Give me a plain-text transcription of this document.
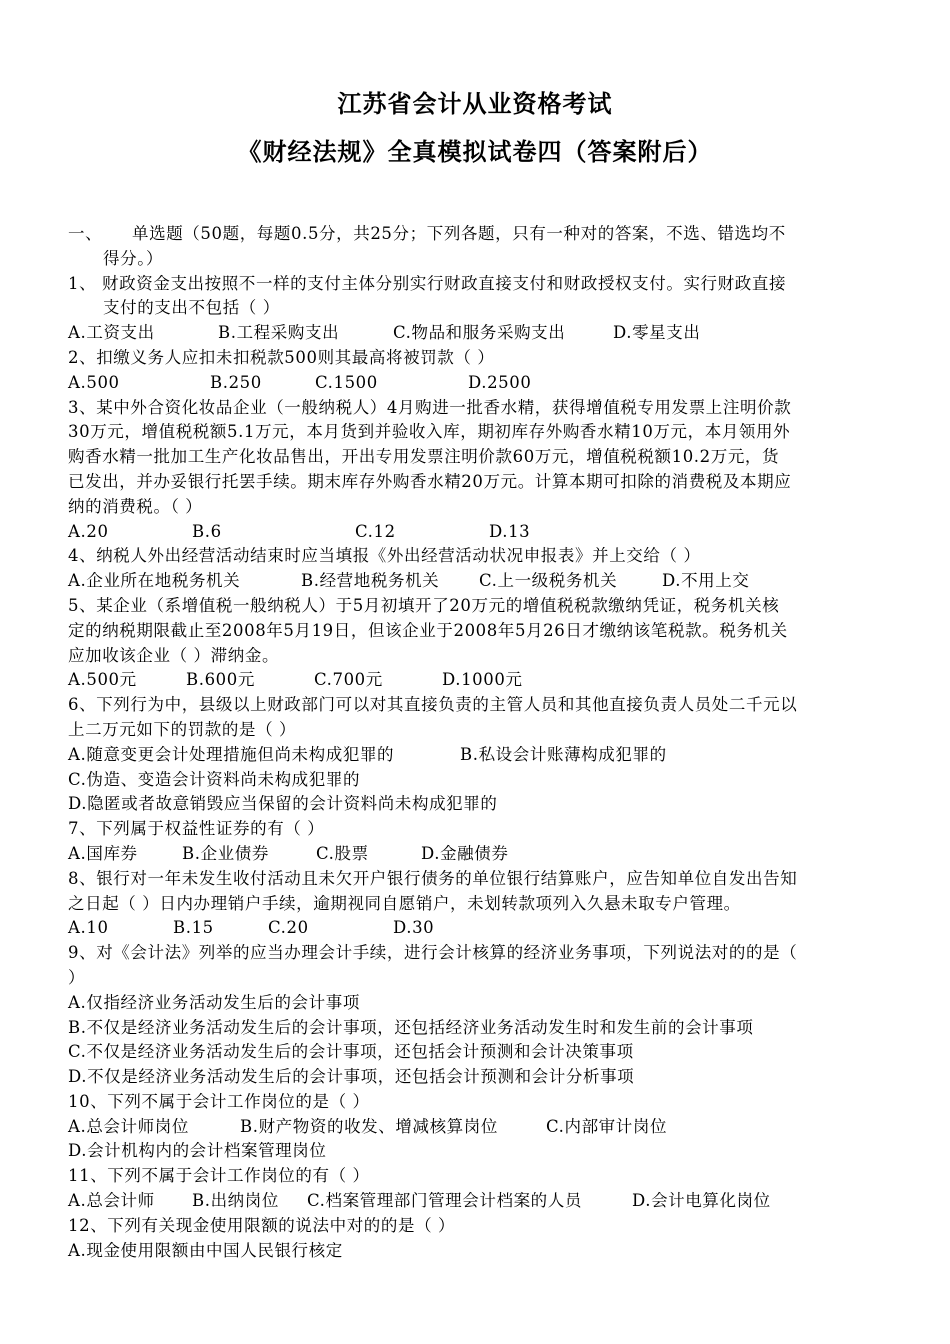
江苏省会计从业资格考试
《财经法规》全真模拟试卷四（答案附后）
一、 单选题（50题，每题0.5分，共25分；下列各题，只有一种对的答案，不选、错选均不
得分。）
1、 财政资金支出按照不一样的支付主体分别实行财政直接支付和财政授权支付。实行财政直接
支付的支出不包括（ ）
A.工资支出	B.工程采购支出	C.物品和服务采购支出	D.零星支出
2、扣缴义务人应扣未扣税款500则其最高将被罚款（ ）
A.500	B.250	C.1500	D.2500
3、某中外合资化妆品企业（一般纳税人）4月购进一批香水精，获得增值税专用发票上注明价款
30万元，增值税税额5.1万元，本月货到并验收入库，期初库存外购香水精10万元，本月领用外
购香水精一批加工生产化妆品售出，开出专用发票注明价款60万元，增值税税额10.2万元，货
已发出，并办妥银行托罢手续。期末库存外购香水精20万元。计算本期可扣除的消费税及本期应
纳的消费税。（ ）
A.20	B.6	C.12	D.13
4、纳税人外出经营活动结束时应当填报《外出经营活动状况申报表》并上交给（ ）
A.企业所在地税务机关	B.经营地税务机关 C.上一级税务机关	D.不用上交
5、某企业（系增值税一般纳税人）于5月初填开了20万元的增值税税款缴纳凭证，税务机关核
定的纳税期限截止至2008年5月19日，但该企业于2008年5月26日才缴纳该笔税款。税务机关
应加收该企业（ ）滞纳金。
A.500元	B.600元	C.700元	D.1000元
6、下列行为中，县级以上财政部门可以对其直接负责的主管人员和其他直接负责人员处二千元以
上二万元如下的罚款的是（ ）
A.随意变更会计处理措施但尚未构成犯罪的	B.私设会计账薄构成犯罪的
C.伪造、变造会计资料尚未构成犯罪的
D.隐匿或者故意销毁应当保留的会计资料尚未构成犯罪的
7、下列属于权益性证券的有（ ）
A.国库券	B.企业债券	C.股票	D.金融债券
8、银行对一年未发生收付活动且未欠开户银行债务的单位银行结算账户，应告知单位自发出告知
之日起（ ）日内办理销户手续，逾期视同自愿销户，未划转款项列入久悬未取专户管理。
A.10	B.15	C.20	D.30
9、对《会计法》列举的应当办理会计手续，进行会计核算的经济业务事项，下列说法对的的是（
）
A.仅指经济业务活动发生后的会计事项
B.不仅是经济业务活动发生后的会计事项，还包括经济业务活动发生时和发生前的会计事项
C.不仅是经济业务活动发生后的会计事项，还包括会计预测和会计决策事项
D.不仅是经济业务活动发生后的会计事项，还包括会计预测和会计分析事项
10、下列不属于会计工作岗位的是（ ）
A.总会计师岗位	B.财产物资的收发、增减核算岗位	C.内部审计岗位
D.会计机构内的会计档案管理岗位
11、下列不属于会计工作岗位的有（ ）
A.总会计师 B.出纳岗位 C.档案管理部门管理会计档案的人员	D.会计电算化岗位
12、下列有关现金使用限额的说法中对的的是（ ）
A.现金使用限额由中国人民银行核定
